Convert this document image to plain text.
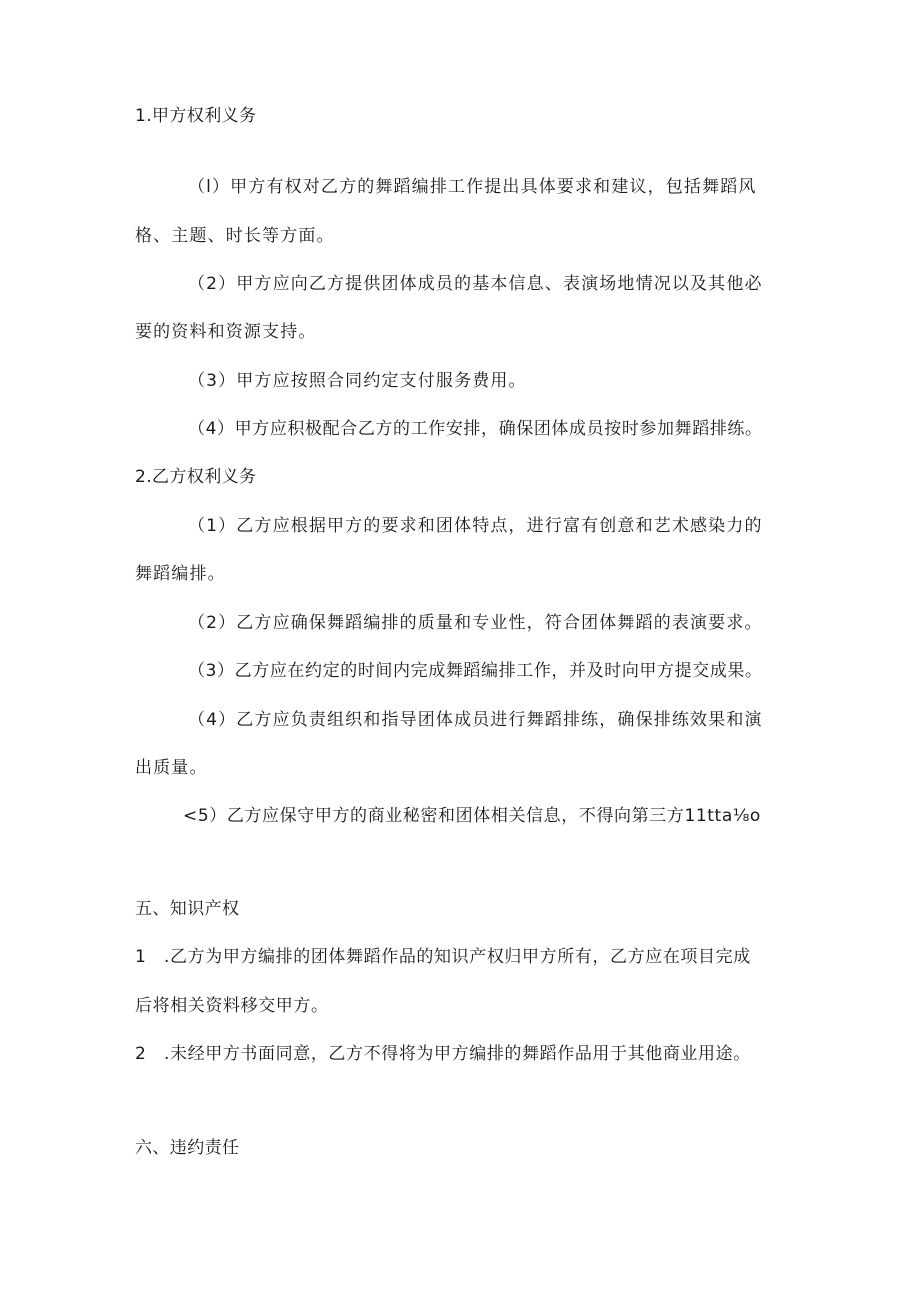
1.甲方权利义务

（l）甲方有权对乙方的舞蹈编排工作提出具体要求和建议，包括舞蹈风

格、主题、时长等方面。

（2）甲方应向乙方提供团体成员的基本信息、表演场地情况以及其他必

要的资料和资源支持。

（3）甲方应按照合同约定支付服务费用。

（4）甲方应积极配合乙方的工作安排，确保团体成员按时参加舞蹈排练。

2.乙方权利义务

（1）乙方应根据甲方的要求和团体特点，进行富有创意和艺术感染力的

舞蹈编排。

（2）乙方应确保舞蹈编排的质量和专业性，符合团体舞蹈的表演要求。

（3）乙方应在约定的时间内完成舞蹈编排工作，并及时向甲方提交成果。

（4）乙方应负责组织和指导团体成员进行舞蹈排练，确保排练效果和演

出质量。

<5）乙方应保守甲方的商业秘密和团体相关信息，不得向第三方11tta⅛o

五、知识产权

1　.乙方为甲方编排的团体舞蹈作品的知识产权归甲方所有，乙方应在项目完成

后将相关资料移交甲方。

2　.未经甲方书面同意，乙方不得将为甲方编排的舞蹈作品用于其他商业用途。

六、违约责任
